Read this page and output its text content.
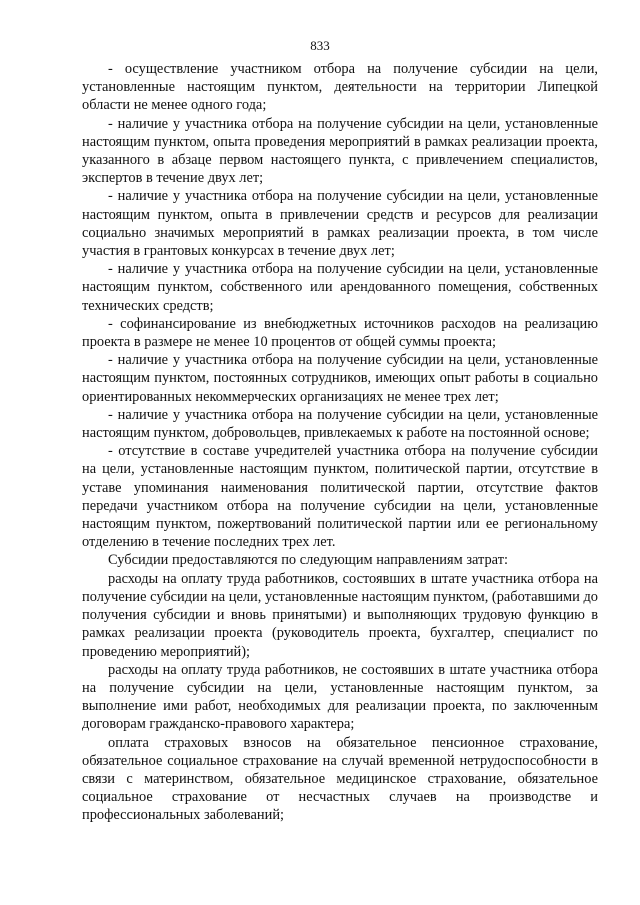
833

- осуществление участником отбора на получение субсидии на цели, установленные настоящим пунктом, деятельности на территории Липецкой области не менее одного года;

- наличие у участника отбора на получение субсидии на цели, установленные настоящим пунктом, опыта проведения мероприятий в рамках реализации проекта, указанного в абзаце первом настоящего пункта, с привлечением специалистов, экспертов в течение двух лет;

- наличие у участника отбора на получение субсидии на цели, установленные настоящим пунктом, опыта в привлечении средств и ресурсов для реализации социально значимых мероприятий в рамках реализации проекта, в том числе участия в грантовых конкурсах в течение двух лет;

- наличие у участника отбора на получение субсидии на цели, установленные настоящим пунктом, собственного или арендованного помещения, собственных технических средств;

- софинансирование из внебюджетных источников расходов на реализацию проекта в размере не менее 10 процентов от общей суммы проекта;

- наличие у участника отбора на получение субсидии на цели, установленные настоящим пунктом, постоянных сотрудников, имеющих опыт работы в социально ориентированных некоммерческих организациях не менее трех лет;

- наличие у участника отбора на получение субсидии на цели, установленные настоящим пунктом, добровольцев, привлекаемых к работе на постоянной основе;

- отсутствие в составе учредителей участника отбора на получение субсидии на цели, установленные настоящим пунктом, политической партии, отсутствие в уставе упоминания наименования политической партии, отсутствие фактов передачи участником отбора на получение субсидии на цели, установленные настоящим пунктом, пожертвований политической партии или ее региональному отделению в течение последних трех лет.

Субсидии предоставляются по следующим направлениям затрат:

расходы на оплату труда работников, состоявших в штате участника отбора на получение субсидии на цели, установленные настоящим пунктом, (работавшими до получения субсидии и вновь принятыми) и выполняющих трудовую функцию в рамках реализации проекта (руководитель проекта, бухгалтер, специалист по проведению мероприятий);

расходы на оплату труда работников, не состоявших в штате участника отбора на получение субсидии на цели, установленные настоящим пунктом, за выполнение ими работ, необходимых для реализации проекта, по заключенным договорам гражданско-правового характера;

оплата страховых взносов на обязательное пенсионное страхование, обязательное социальное страхование на случай временной нетрудоспособности в связи с материнством, обязательное медицинское страхование, обязательное социальное страхование от несчастных случаев на производстве и профессиональных заболеваний;
